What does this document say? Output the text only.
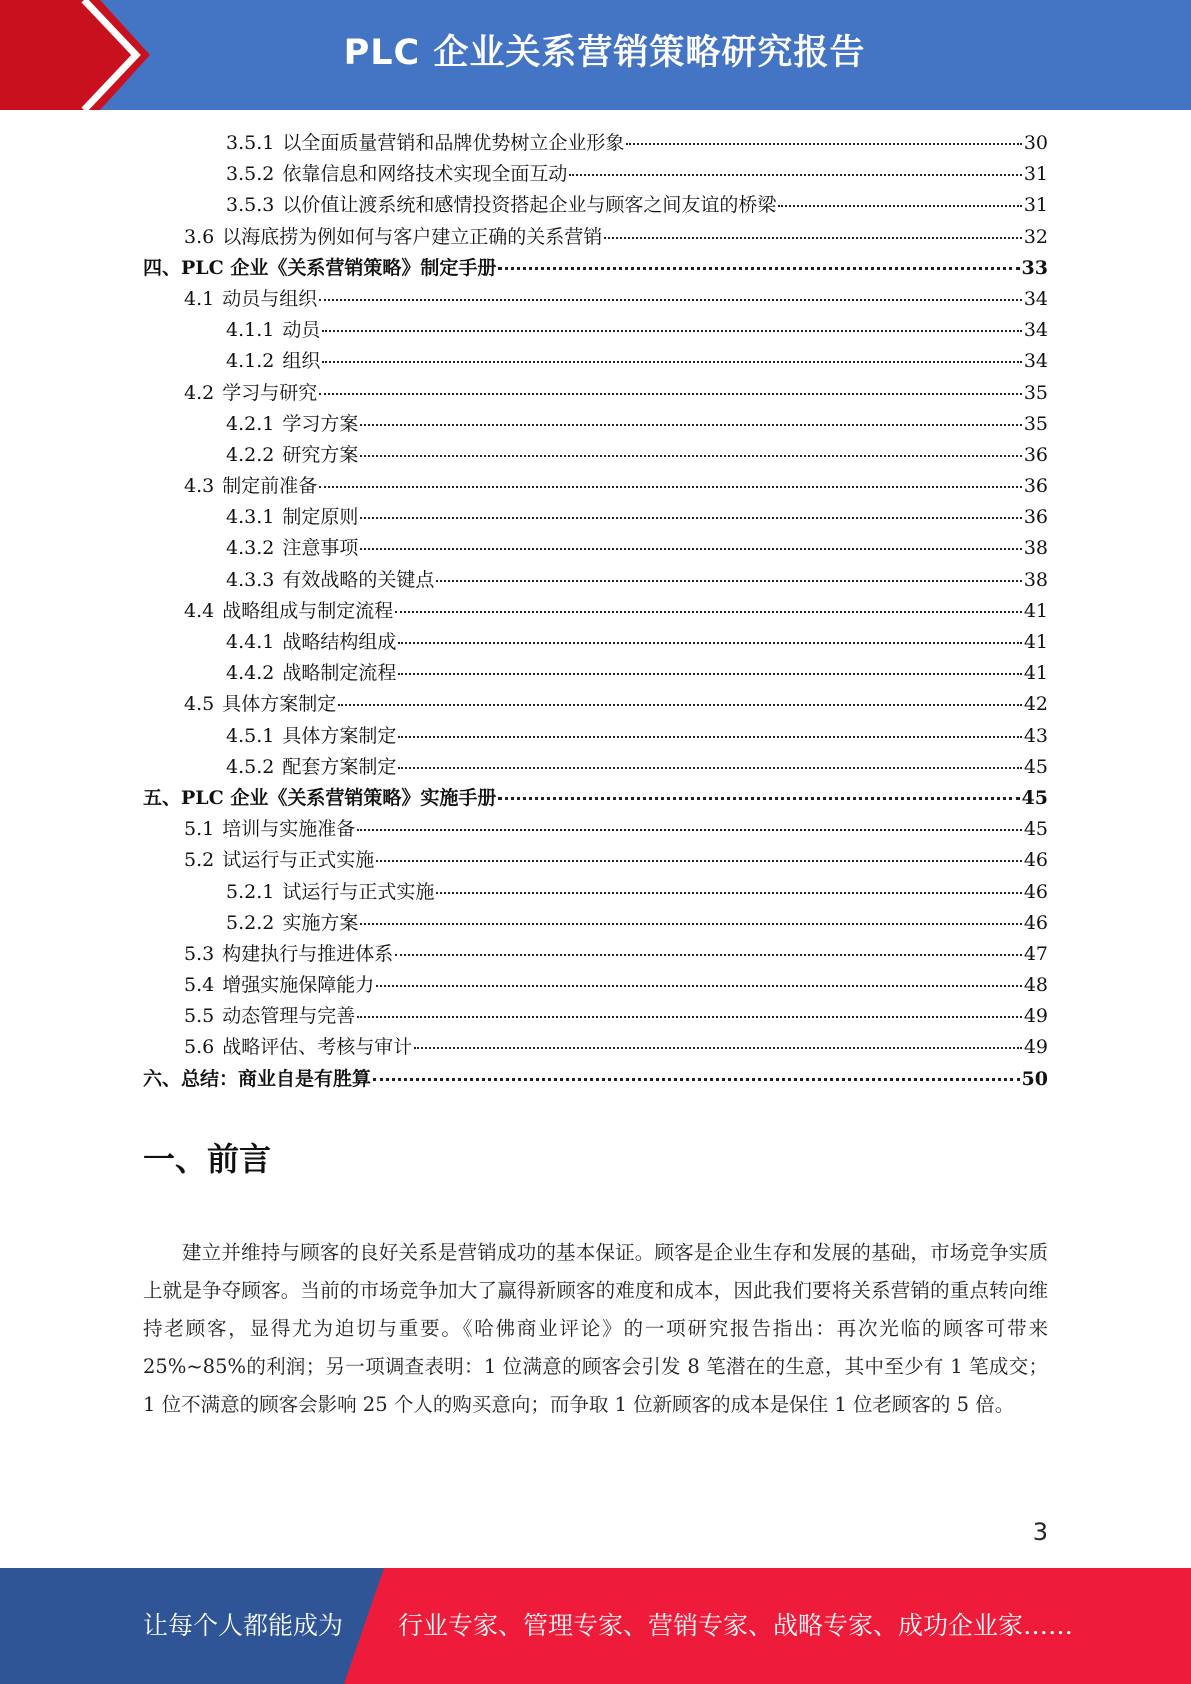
PLC 企业关系营销策略研究报告
3.5.1 以全面质量营销和品牌优势树立企业形象	30
3.5.2 依靠信息和网络技术实现全面互动	31
3.5.3 以价值让渡系统和感情投资搭起企业与顾客之间友谊的桥梁	31
3.6 以海底捞为例如何与客户建立正确的关系营销	32
四、PLC 企业《关系营销策略》制定手册	33
4.1 动员与组织	34
4.1.1 动员	34
4.1.2 组织	34
4.2 学习与研究	35
4.2.1 学习方案	35
4.2.2 研究方案	36
4.3 制定前准备	36
4.3.1 制定原则	36
4.3.2 注意事项	38
4.3.3 有效战略的关键点	38
4.4 战略组成与制定流程	41
4.4.1 战略结构组成	41
4.4.2 战略制定流程	41
4.5 具体方案制定	42
4.5.1 具体方案制定	43
4.5.2 配套方案制定	45
五、PLC 企业《关系营销策略》实施手册	45
5.1 培训与实施准备	45
5.2 试运行与正式实施	46
5.2.1 试运行与正式实施	46
5.2.2 实施方案	46
5.3 构建执行与推进体系	47
5.4 增强实施保障能力	48
5.5 动态管理与完善	49
5.6 战略评估、考核与审计	49
六、总结：商业自是有胜算	50
一、前言

建立并维持与顾客的良好关系是营销成功的基本保证。顾客是企业生存和发展的基础，市场竞争实质上就是争夺顾客。当前的市场竞争加大了赢得新顾客的难度和成本，因此我们要将关系营销的重点转向维持老顾客，显得尤为迫切与重要。《哈佛商业评论》的一项研究报告指出：再次光临的顾客可带来 25%~85%的利润；另一项调查表明：1 位满意的顾客会引发 8 笔潜在的生意，其中至少有 1 笔成交；1 位不满意的顾客会影响 25 个人的购买意向；而争取 1 位新顾客的成本是保住 1 位老顾客的 5 倍。

3
让每个人都能成为 行业专家、管理专家、营销专家、战略专家、成功企业家……
